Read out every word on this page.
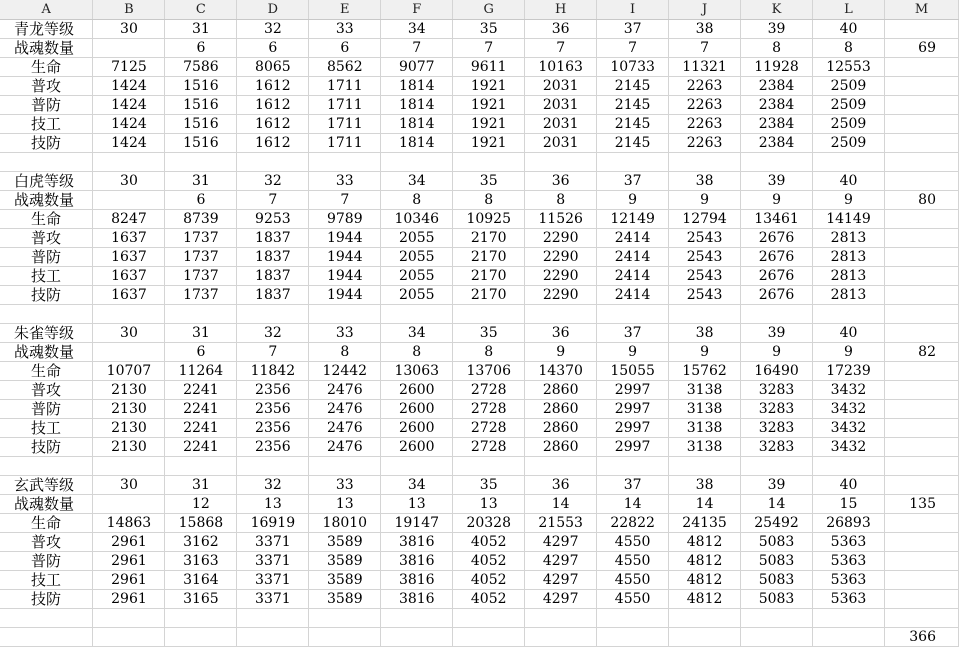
A	B	C	D	E	F	G	H	I	J	K	L	M
青龙等级	30	31	32	33	34	35	36	37	38	39	40	
战魂数量		6	6	6	7	7	7	7	7	8	8	69
生命	7125	7586	8065	8562	9077	9611	10163	10733	11321	11928	12553	
普攻	1424	1516	1612	1711	1814	1921	2031	2145	2263	2384	2509	
普防	1424	1516	1612	1711	1814	1921	2031	2145	2263	2384	2509	
技工	1424	1516	1612	1711	1814	1921	2031	2145	2263	2384	2509	
技防	1424	1516	1612	1711	1814	1921	2031	2145	2263	2384	2509	

白虎等级	30	31	32	33	34	35	36	37	38	39	40	
战魂数量		6	7	7	8	8	8	9	9	9	9	80
生命	8247	8739	9253	9789	10346	10925	11526	12149	12794	13461	14149	
普攻	1637	1737	1837	1944	2055	2170	2290	2414	2543	2676	2813	
普防	1637	1737	1837	1944	2055	2170	2290	2414	2543	2676	2813	
技工	1637	1737	1837	1944	2055	2170	2290	2414	2543	2676	2813	
技防	1637	1737	1837	1944	2055	2170	2290	2414	2543	2676	2813	

朱雀等级	30	31	32	33	34	35	36	37	38	39	40	
战魂数量		6	7	8	8	8	9	9	9	9	9	82
生命	10707	11264	11842	12442	13063	13706	14370	15055	15762	16490	17239	
普攻	2130	2241	2356	2476	2600	2728	2860	2997	3138	3283	3432	
普防	2130	2241	2356	2476	2600	2728	2860	2997	3138	3283	3432	
技工	2130	2241	2356	2476	2600	2728	2860	2997	3138	3283	3432	
技防	2130	2241	2356	2476	2600	2728	2860	2997	3138	3283	3432	

玄武等级	30	31	32	33	34	35	36	37	38	39	40	
战魂数量		12	13	13	13	13	14	14	14	14	15	135
生命	14863	15868	16919	18010	19147	20328	21553	22822	24135	25492	26893	
普攻	2961	3162	3371	3589	3816	4052	4297	4550	4812	5083	5363	
普防	2961	3163	3371	3589	3816	4052	4297	4550	4812	5083	5363	
技工	2961	3164	3371	3589	3816	4052	4297	4550	4812	5083	5363	
技防	2961	3165	3371	3589	3816	4052	4297	4550	4812	5083	5363	

												366
